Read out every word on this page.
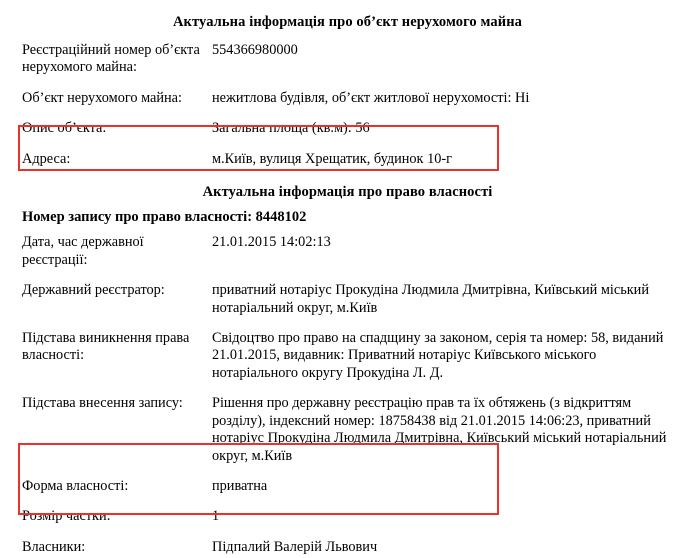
Актуальна інформація про об’єкт нерухомого майна
Реєстраційний номер об’єкта нерухомого майна:	554366980000

Об’єкт нерухомого майна:	нежитлова будівля, об’єкт житлової нерухомості: Ні

Опис об’єкта:	Загальна площа (кв.м): 56

Адреса:	м.Київ, вулиця Хрещатик, будинок 10-г
Актуальна інформація про право власності
Номер запису про право власності: 8448102
Дата, час державної реєстрації:	21.01.2015 14:02:13

Державний реєстратор:	приватний нотаріус Прокудіна Людмила Дмитрівна, Київський міський нотаріальний округ, м.Київ

Підстава виникнення права власності:	Свідоцтво про право на спадщину за законом, серія та номер: 58, виданий 21.01.2015, видавник: Приватний нотаріус Київського міського нотаріального округу Прокудіна Л. Д.

Підстава внесення запису:	Рішення про державну реєстрацію прав та їх обтяжень (з відкриттям розділу), індексний номер: 18758438 від 21.01.2015 14:06:23, приватний нотаріус Прокудіна Людмила Дмитрівна, Київський міський нотаріальний округ, м.Київ

Форма власності:	приватна

Розмір частки:	1

Власники:	Підпалий Валерій Львович
